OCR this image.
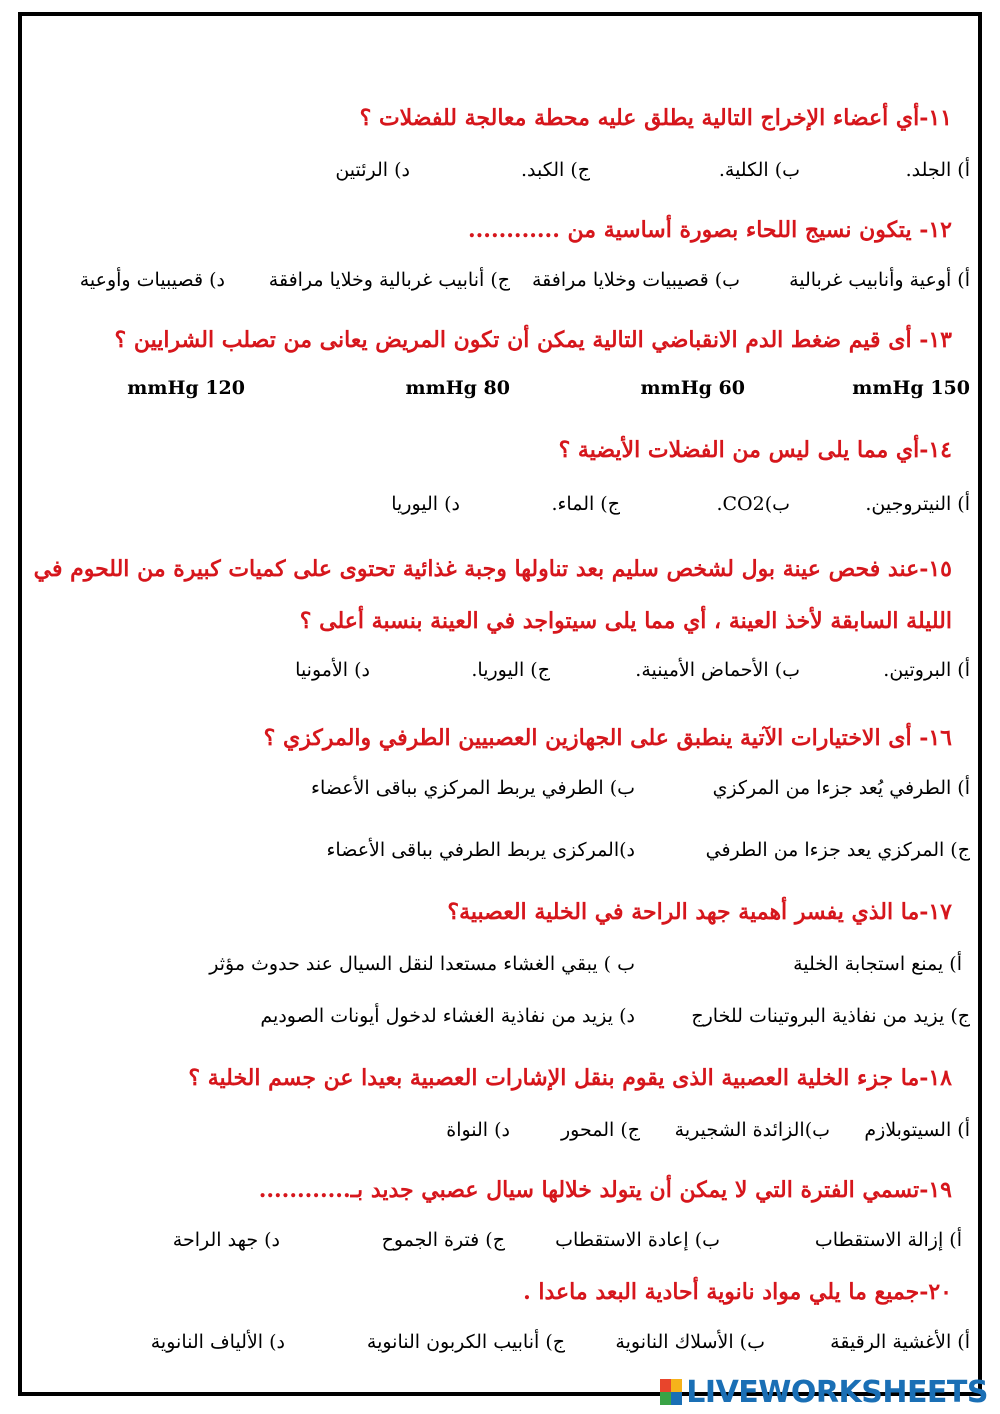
١١-أي أعضاء الإخراج التالية يطلق عليه محطة معالجة للفضلات ؟
أ) الجلد.
ب) الكلية.
ج) الكبد.
د) الرئتين
١٢- يتكون نسيج اللحاء بصورة أساسية من ............
أ) أوعية وأنابيب غربالية
ب) قصيبيات وخلايا مرافقة
ج) أنابيب غربالية وخلايا مرافقة
د) قصيبيات وأوعية
١٣- أى قيم ضغط الدم الانقباضي التالية يمكن أن تكون المريض يعانى من تصلب الشرايين ؟
mmHg 150
mmHg 60
mmHg 80
mmHg 120
١٤-أي مما يلى ليس من الفضلات الأيضية ؟
أ) النيتروجين.
ب)CO2.
ج) الماء.
د) اليوريا
١٥-عند فحص عينة بول لشخص سليم بعد تناولها وجبة غذائية تحتوى على كميات كبيرة من اللحوم في الليلة السابقة لأخذ العينة ، أي مما يلى سيتواجد في العينة بنسبة أعلى ؟
أ) البروتين.
ب) الأحماض الأمينية.
ج) اليوريا.
د) الأمونيا
١٦- أى الاختيارات الآتية ينطبق على الجهازين العصبيين الطرفي والمركزي ؟
أ) الطرفي يُعد جزءا من المركزي
ب) الطرفي يربط المركزي بباقى الأعضاء
ج) المركزي يعد جزءا من الطرفي
د)المركزى يربط الطرفي بباقى الأعضاء
١٧-ما الذي يفسر أهمية جهد الراحة في الخلية العصبية؟
أ) يمنع استجابة الخلية
ب ) يبقي الغشاء مستعدا لنقل السيال عند حدوث مؤثر
ج) يزيد من نفاذية البروتينات للخارج
د) يزيد من نفاذية الغشاء لدخول أيونات الصوديم
١٨-ما جزء الخلية العصبية الذى يقوم بنقل الإشارات العصبية بعيدا عن جسم الخلية ؟
أ) السيتوبلازم
ب)الزائدة الشجيرية
ج) المحور
د) النواة
١٩-تسمي الفترة التي لا يمكن أن يتولد خلالها سيال عصبي جديد بـ............
أ) إزالة الاستقطاب
ب) إعادة الاستقطاب
ج) فترة الجموح
د) جهد الراحة
٢٠-جميع ما يلي مواد نانوية أحادية البعد ماعدا .
أ) الأغشية الرقيقة
ب) الأسلاك النانوية
ج) أنابيب الكربون النانوية
د) الألياف النانوية
LIVEWORKSHEETS
